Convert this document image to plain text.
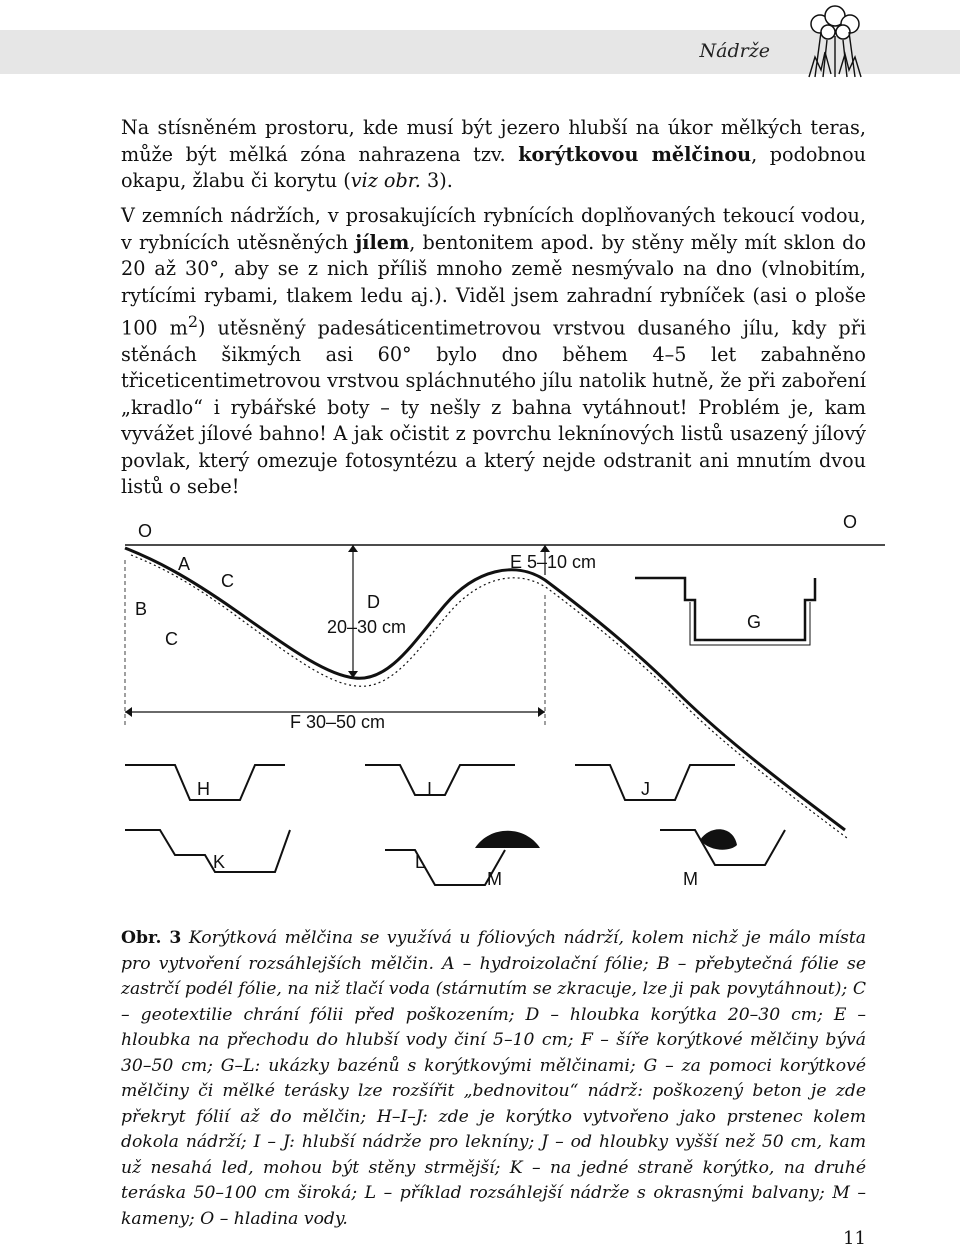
Nádrže

Na stísněném prostoru, kde musí být jezero hlubší na úkor mělkých teras, může být mělká zóna nahrazena tzv. korýtkovou mělčinou, podobnou okapu, žlabu či korytu (viz obr. 3).

V zemních nádržích, v prosakujících rybnících doplňovaných tekoucí vodou, v rybnících utěsněných jílem, bentonitem apod. by stěny měly mít sklon do 20 až 30°, aby se z nich příliš mnoho země nesmývalo na dno (vlnobitím, rytícími rybami, tlakem ledu aj.). Viděl jsem zahradní rybníček (asi o ploše 100 $m^2$) utěsněný padesáticentimetrovou vrstvou dusaného jílu, kdy při stěnách šikmých asi 60° bylo dno během 4–5 let zabahněno třiceticentimetrovou vrstvou spláchnutého jílu natolik hutně, že při zaboření „kradlo“ i rybářské boty – ty nešly z bahna vytáhnout! Problém je, kam vyvážet jílové bahno! A jak očistit z povrchu leknínových listů usazený jílový povlak, který omezuje fotosyntézu a který nejde odstranit ani mnutím dvou listů o sebe!

O	O
A
B
C
C
D
20–30 cm
E 5–10 cm
F 30–50 cm
G
H	I	J
K	L
M	M
Obr. 3 Korýtková mělčina se využívá u fóliových nádrží, kolem nichž je málo místa pro vytvoření rozsáhlejších mělčin. A – hydroizolační fólie; B – přebytečná fólie se zastrčí podél fólie, na niž tlačí voda (stárnutím se zkracuje, lze ji pak povytáhnout); C – geotextilie chrání fólii před poškozením; D – hloubka korýtka 20–30 cm; E – hloubka na přechodu do hlubší vody činí 5–10 cm; F – šíře korýtkové mělčiny bývá 30–50 cm; G–L: ukázky bazénů s korýtkovými mělčinami; G – za pomoci korýtkové mělčiny či mělké terásky lze rozšířit „bednovitou“ nádrž: poškozený beton je zde překryt fólií až do mělčin; H–I–J: zde je korýtko vytvořeno jako prstenec kolem dokola nádrží; I – J: hlubší nádrže pro lekníny; J – od hloubky vyšší než 50 cm, kam už nesahá led, mohou být stěny strmější; K – na jedné straně korýtko, na druhé teráska 50–100 cm široká; L – příklad rozsáhlejší nádrže s okrasnými balvany; M – kameny; O – hladina vody.
11
